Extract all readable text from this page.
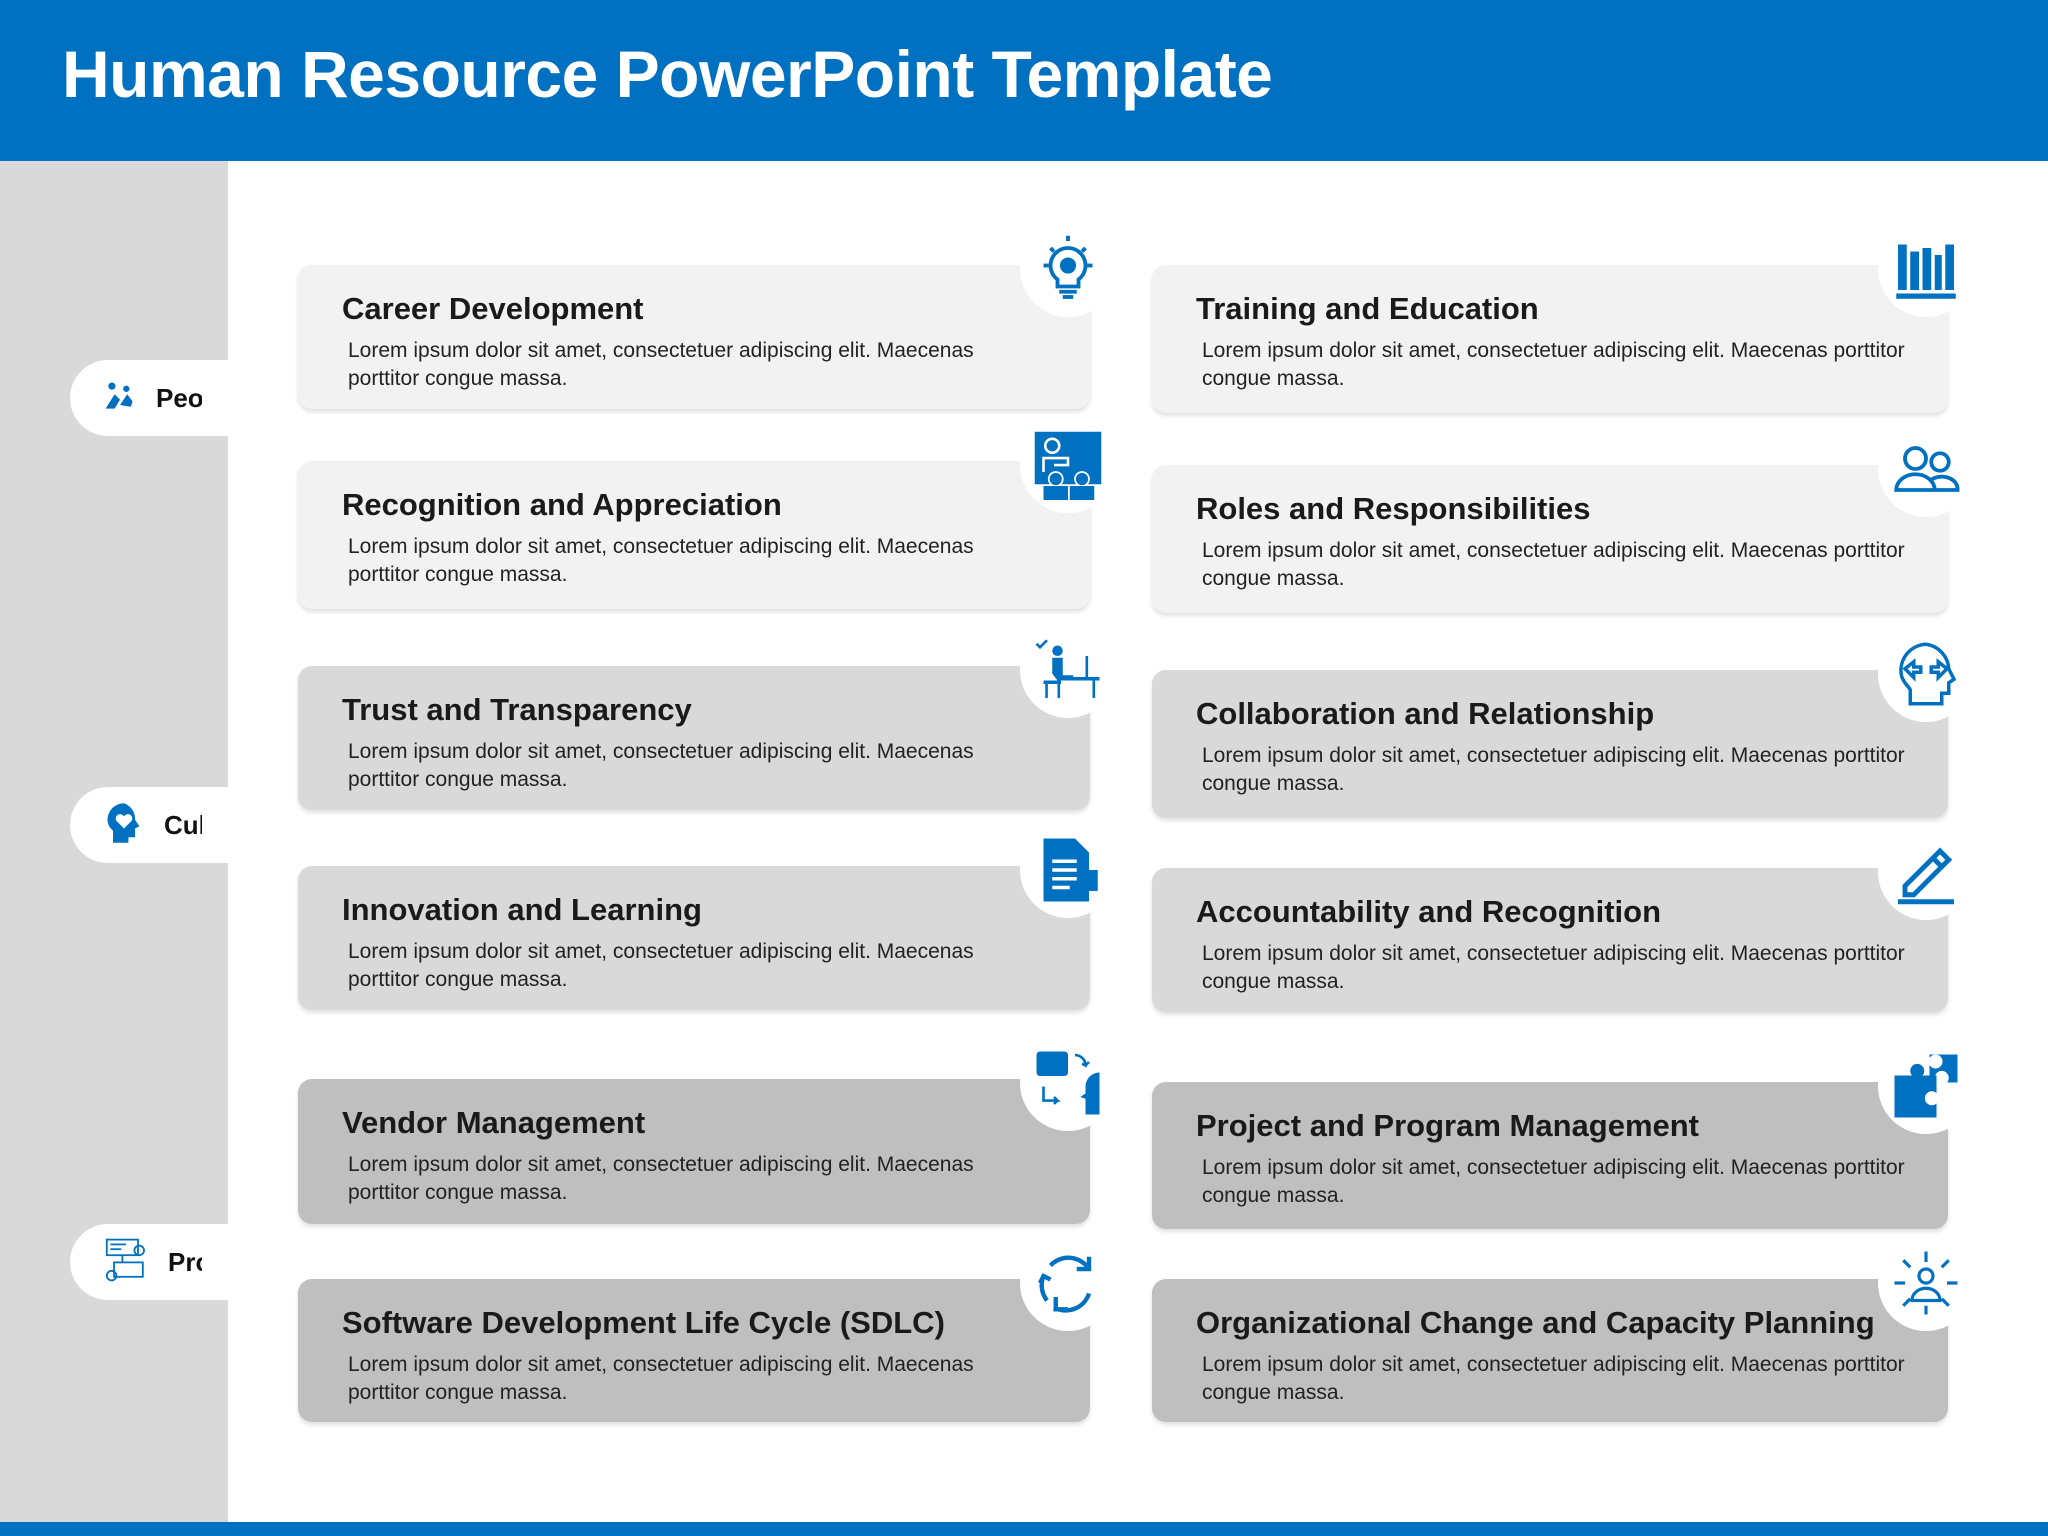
Human Resource PowerPoint Template
People
Culture
Process
Career Development
Lorem ipsum dolor sit amet, consectetuer adipiscing elit. Maecenas porttitor congue massa.
Training and Education
Lorem ipsum dolor sit amet, consectetuer adipiscing elit. Maecenas porttitor congue massa.
Recognition and Appreciation
Lorem ipsum dolor sit amet, consectetuer adipiscing elit. Maecenas porttitor congue massa.
Roles and Responsibilities
Lorem ipsum dolor sit amet, consectetuer adipiscing elit. Maecenas porttitor congue massa.
Trust and Transparency
Lorem ipsum dolor sit amet, consectetuer adipiscing elit. Maecenas porttitor congue massa.
Collaboration and Relationship
Lorem ipsum dolor sit amet, consectetuer adipiscing elit. Maecenas porttitor congue massa.
Innovation and Learning
Lorem ipsum dolor sit amet, consectetuer adipiscing elit. Maecenas porttitor congue massa.
Accountability and Recognition
Lorem ipsum dolor sit amet, consectetuer adipiscing elit. Maecenas porttitor congue massa.
Vendor Management
Lorem ipsum dolor sit amet, consectetuer adipiscing elit. Maecenas porttitor congue massa.
Project and Program Management
Lorem ipsum dolor sit amet, consectetuer adipiscing elit. Maecenas porttitor congue massa.
Software Development Life Cycle (SDLC)
Lorem ipsum dolor sit amet, consectetuer adipiscing elit. Maecenas porttitor congue massa.
Organizational Change and Capacity Planning
Lorem ipsum dolor sit amet, consectetuer adipiscing elit. Maecenas porttitor congue massa.
